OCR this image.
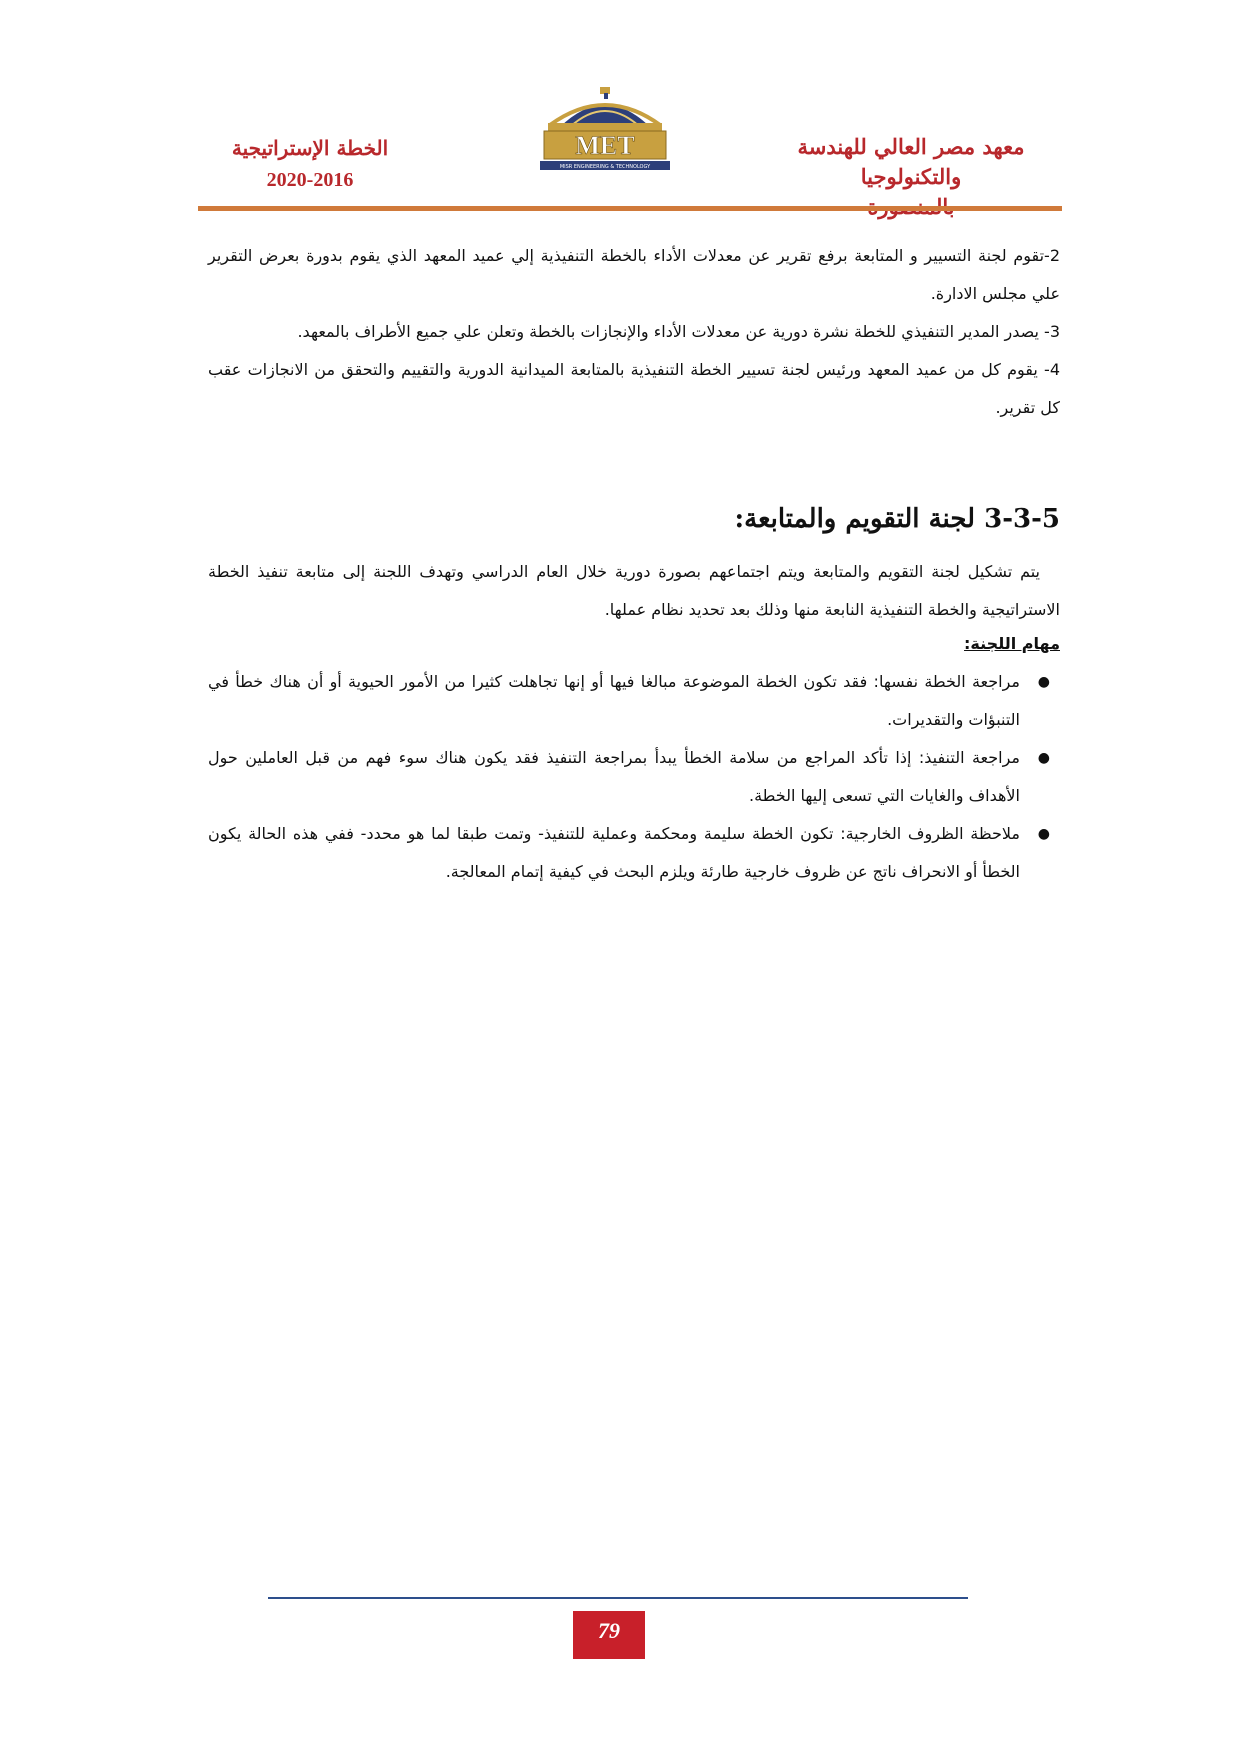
معهد مصر العالي للهندسة والتكنولوجيا
MET
MISR ENGINEERING & TECHNOLOGY
الخطة الإستراتيجية
2020-2016

2-تقوم لجنة التسيير و المتابعة برفع تقرير عن معدلات الأداء بالخطة التنفيذية إلي عميد المعهد الذي يقوم بدورة بعرض التقرير علي مجلس الادارة.

3- يصدر المدير التنفيذي للخطة نشرة دورية عن معدلات الأداء والإنجازات بالخطة وتعلن علي جميع الأطراف بالمعهد.

4- يقوم كل من عميد المعهد ورئيس لجنة تسيير الخطة التنفيذية بالمتابعة الميدانية الدورية والتقييم والتحقق من الانجازات عقب كل تقرير.

3-3-5 لجنة التقويم والمتابعة:

يتم تشكيل لجنة التقويم والمتابعة ويتم اجتماعهم بصورة دورية خلال العام الدراسي وتهدف اللجنة إلى متابعة تنفيذ الخطة الاستراتيجية والخطة التنفيذية النابعة منها وذلك بعد تحديد نظام عملها.

مهام اللجنة:

●
مراجعة الخطة نفسها: فقد تكون الخطة الموضوعة مبالغا فيها أو إنها تجاهلت كثيرا من الأمور الحيوية أو أن هناك خطأ في التنبؤات والتقديرات.
●
مراجعة التنفيذ: إذا تأكد المراجع من سلامة الخطأ يبدأ بمراجعة التنفيذ فقد يكون هناك سوء فهم من قبل العاملين حول الأهداف والغايات التي تسعى إليها الخطة.
●
ملاحظة الظروف الخارجية: تكون الخطة سليمة ومحكمة وعملية للتنفيذ- وتمت طبقا لما هو محدد- ففي هذه الحالة يكون الخطأ أو الانحراف ناتج عن ظروف خارجية طارئة ويلزم البحث في كيفية إتمام المعالجة.
79
